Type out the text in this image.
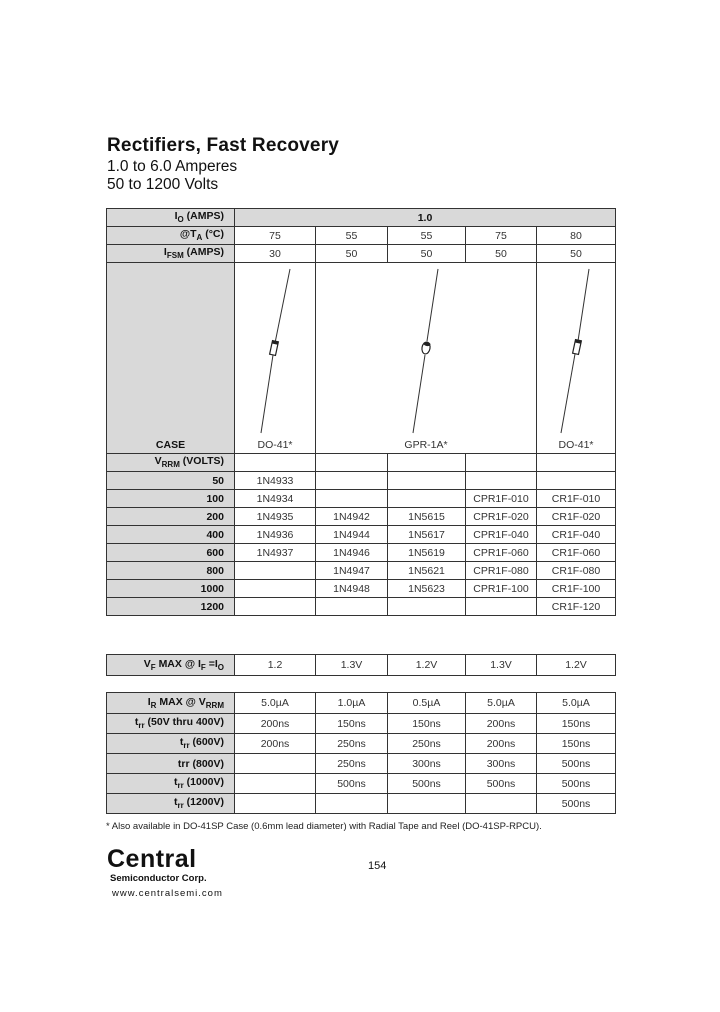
Rectifiers, Fast Recovery
1.0 to 6.0 Amperes
50 to 1200 Volts
$I_O$ (AMPS)	1.0				
$@T_A$ (°C)	75	55	55	75	80
$I_{FSM}$ (AMPS)	30	50	50	50	50

CASE	DO-41*	GPR-1A*			DO-41*

$V_{RRM}$ (VOLTS)					
50	1N4933				
100	1N4934			CPR1F-010	CR1F-010
200	1N4935	1N4942	1N5615	CPR1F-020	CR1F-020
400	1N4936	1N4944	1N5617	CPR1F-040	CR1F-040
600	1N4937	1N4946	1N5619	CPR1F-060	CR1F-060
800		1N4947	1N5621	CPR1F-080	CR1F-080
1000		1N4948	1N5623	CPR1F-100	CR1F-100
1200					CR1F-120
$V_F$ MAX @ $I_F =I_O$	1.2	1.3V	1.2V	1.3V	1.2V
$I_R$ MAX @ $V_{RRM}$	5.0µA	1.0µA	0.5µA	5.0µA	5.0µA
$t_{rr}$ (50V thru 400V)	200ns	150ns	150ns	200ns	150ns
$t_{rr}$ (600V)	200ns	250ns	250ns	200ns	150ns
trr (800V)		250ns	300ns	300ns	500ns
$t_{rr}$ (1000V)		500ns	500ns	500ns	500ns
$t_{rr}$ (1200V)					500ns
* Also available in DO-41SP Case (0.6mm lead diameter) with Radial Tape and Reel (DO-41SP-RPCU).
Central
Semiconductor Corp.
www.centralsemi.com
154
